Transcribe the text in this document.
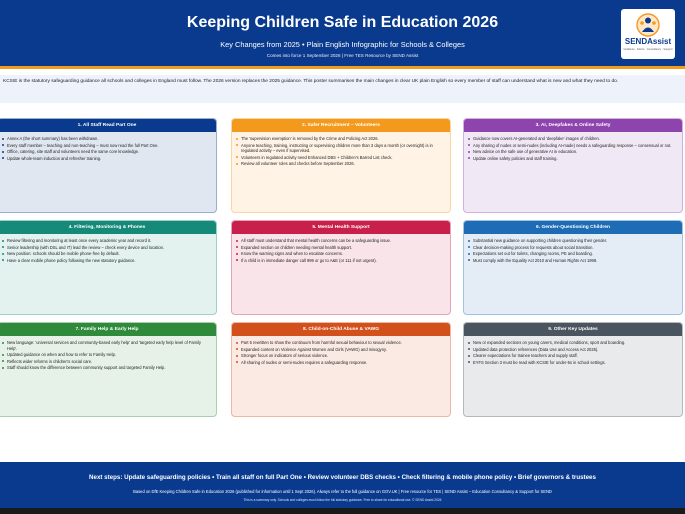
Keeping Children Safe in Education 2026
Key Changes from 2025 • Plain English Infographic for Schools & Colleges
Comes into force 1 September 2026 | Free TES Resource by SEND Assist
SENDAssist
Guidance · Advice · Consultancy · Support
KCSIE is the statutory safeguarding guidance all schools and colleges in England must follow. The 2026 version replaces the 2025 guidance. This poster summarises the main changes in clear UK plain English so every member of staff can understand what is new and what they need to do.
1. All Staff Read Part One
Annex A (the short summary) has been withdrawn.
Every staff member – teaching and non-teaching – must now read the full Part One.
Office, catering, site staff and volunteers need the same core knowledge.
Update whole-team induction and refresher training.
2. Safer Recruitment – Volunteers
The 'supervision exemption' is removed by the Crime and Policing Act 2026.
Anyone teaching, training, instructing or supervising children more than 3 days a month (or overnight) is in regulated activity – even if supervised.
Volunteers in regulated activity need Enhanced DBS + Children's Barred List check.
Review all volunteer roles and checks before September 2026.
3. AI, Deepfakes & Online Safety
Guidance now covers AI-generated and 'deepfake' images of children.
Any sharing of nudes or semi-nudes (including AI-made) needs a safeguarding response – consensual or not.
New advice on the safe use of generative AI in education.
Update online safety policies and staff training.
4. Filtering, Monitoring & Phones
Review filtering and monitoring at least once every academic year and record it.
Senior leadership (with DSL and IT) lead the review – check every device and location.
New position: schools should be mobile phone-free by default.
Have a clear mobile phone policy following the new statutory guidance.
5. Mental Health Support
All staff must understand that mental health concerns can be a safeguarding issue.
Expanded section on children needing mental health support.
Know the warning signs and when to escalate concerns.
If a child is in immediate danger call 999 or go to A&E (or 111 if not urgent).
6. Gender-Questioning Children
Substantial new guidance on supporting children questioning their gender.
Clear decision-making process for requests about social transition.
Expectations set out for toilets, changing rooms, PE and boarding.
Must comply with the Equality Act 2010 and Human Rights Act 1998.
7. Family Help & Early Help
New language: 'universal services and community-based early help' and 'targeted early help level of Family Help'.
Updated guidance on when and how to refer to Family Help.
Reflects wider reforms in children's social care.
Staff should know the difference between community support and targeted Family Help.
8. Child-on-Child Abuse & VAWG
Part 5 rewritten to show the continuum from harmful sexual behaviour to sexual violence.
Expanded content on Violence Against Women and Girls (VAWG) and misogyny.
Stronger focus on indicators of serious violence.
All sharing of nudes or semi-nudes requires a safeguarding response.
9. Other Key Updates
New or expanded sections on young carers, medical conditions, sport and boarding.
Updated data protection references (Data Use and Access Act 2025).
Clearer expectations for trainee teachers and supply staff.
EYFS Section 3 must be read with KCSIE for under-5s in school settings.
Next steps: Update safeguarding policies • Train all staff on full Part One • Review volunteer DBS checks • Check filtering & mobile phone policy • Brief governors & trustees
Based on DfE Keeping Children Safe in Education 2026 (published for information until 1 Sept 2026). Always refer to the full guidance on GOV.UK | Free resource for TES | SEND Assist – Education Consultancy & Support for SEND
This is a summary only. Schools and colleges must follow the full statutory guidance. Free to share for educational use. © SEND Assist 2026
